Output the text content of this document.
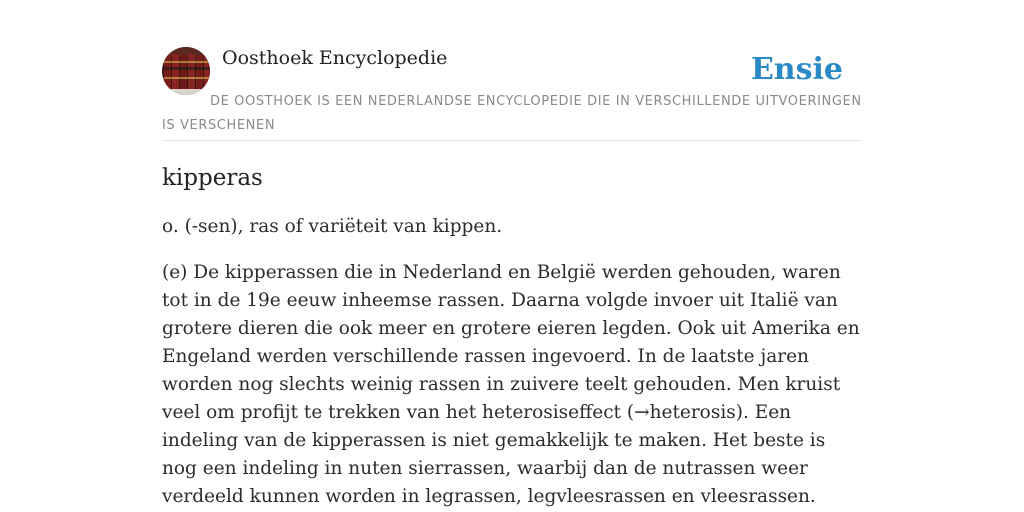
Oosthoek Encyclopedie	Ensie

DE OOSTHOEK IS EEN NEDERLANDSE ENCYCLOPEDIE DIE IN VERSCHILLENDE UITVOERINGEN IS VERSCHENEN

kipperas

o. (-sen), ras of variëteit van kippen.

(e) De kipperassen die in Nederland en België werden gehouden, waren tot in de 19e eeuw inheemse rassen. Daarna volgde invoer uit Italië van grotere dieren die ook meer en grotere eieren legden. Ook uit Amerika en Engeland werden verschillende rassen ingevoerd. In de laatste jaren worden nog slechts weinig rassen in zuivere teelt gehouden. Men kruist veel om profijt te trekken van het heterosiseffect (→heterosis). Een indeling van de kipperassen is niet gemakkelijk te maken. Het beste is nog een indeling in nuten sierrassen, waarbij dan de nutrassen weer verdeeld kunnen worden in legrassen, legvleesrassen en vleesrassen.
